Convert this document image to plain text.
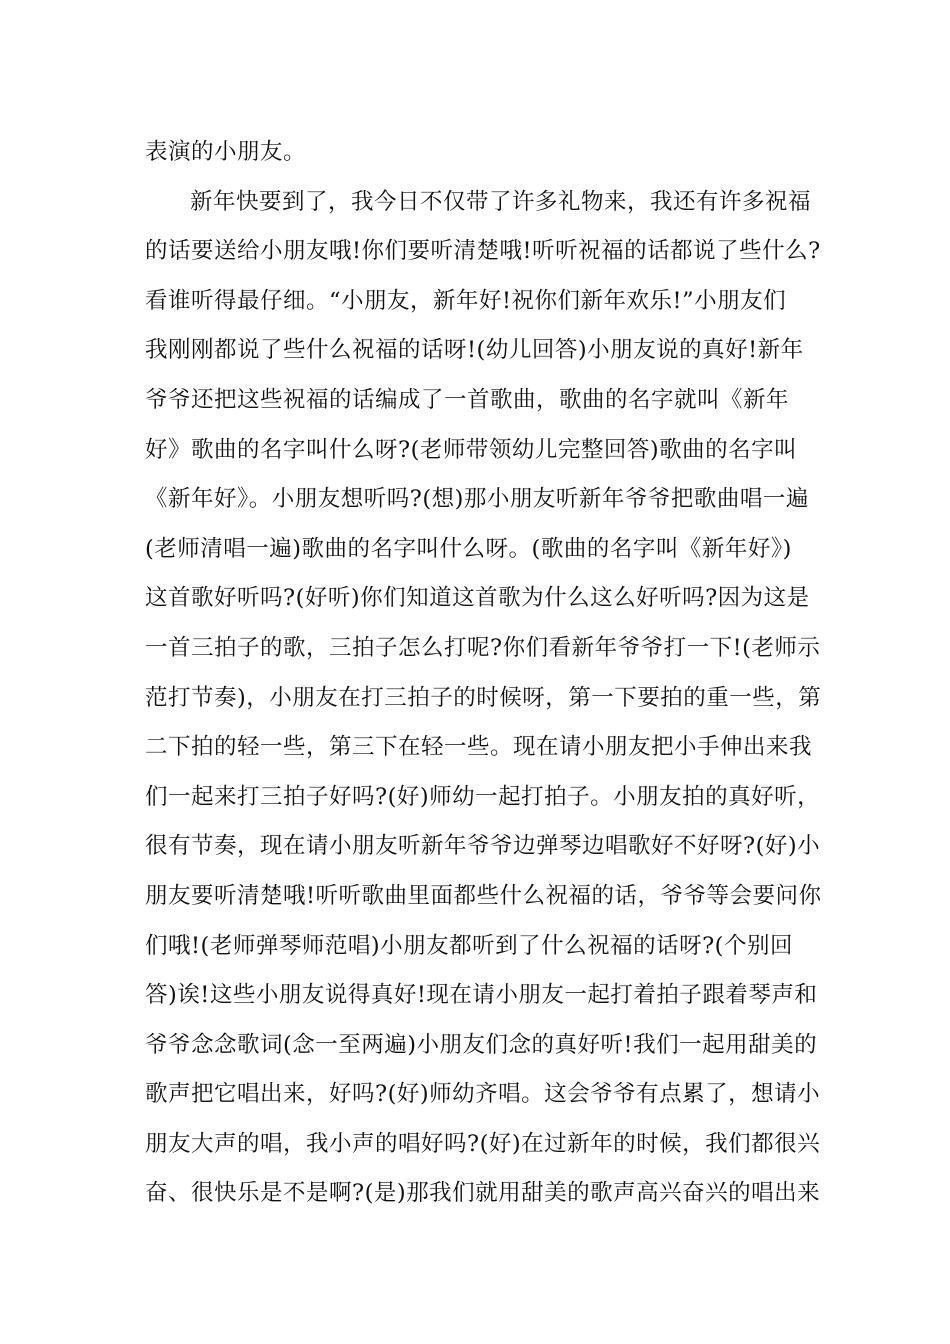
表演的小朋友。
新年快要到了，我今日不仅带了许多礼物来，我还有许多祝福
的话要送给小朋友哦!你们要听清楚哦!听听祝福的话都说了些什么?
看谁听得最仔细。“小朋友，新年好!祝你们新年欢乐!”小朋友们
我刚刚都说了些什么祝福的话呀!(幼儿回答)小朋友说的真好!新年
爷爷还把这些祝福的话编成了一首歌曲，歌曲的名字就叫《新年
好》歌曲的名字叫什么呀?(老师带领幼儿完整回答)歌曲的名字叫
《新年好》。小朋友想听吗?(想)那小朋友听新年爷爷把歌曲唱一遍
(老师清唱一遍)歌曲的名字叫什么呀。(歌曲的名字叫《新年好》)
这首歌好听吗?(好听)你们知道这首歌为什么这么好听吗?因为这是
一首三拍子的歌，三拍子怎么打呢?你们看新年爷爷打一下!(老师示
范打节奏)，小朋友在打三拍子的时候呀，第一下要拍的重一些，第
二下拍的轻一些，第三下在轻一些。现在请小朋友把小手伸出来我
们一起来打三拍子好吗?(好)师幼一起打拍子。小朋友拍的真好听，
很有节奏，现在请小朋友听新年爷爷边弹琴边唱歌好不好呀?(好)小
朋友要听清楚哦!听听歌曲里面都些什么祝福的话，爷爷等会要问你
们哦!(老师弹琴师范唱)小朋友都听到了什么祝福的话呀?(个别回
答)诶!这些小朋友说得真好!现在请小朋友一起打着拍子跟着琴声和
爷爷念念歌词(念一至两遍)小朋友们念的真好听!我们一起用甜美的
歌声把它唱出来，好吗?(好)师幼齐唱。这会爷爷有点累了，想请小
朋友大声的唱，我小声的唱好吗?(好)在过新年的时候，我们都很兴
奋、很快乐是不是啊?(是)那我们就用甜美的歌声高兴奋兴的唱出来
